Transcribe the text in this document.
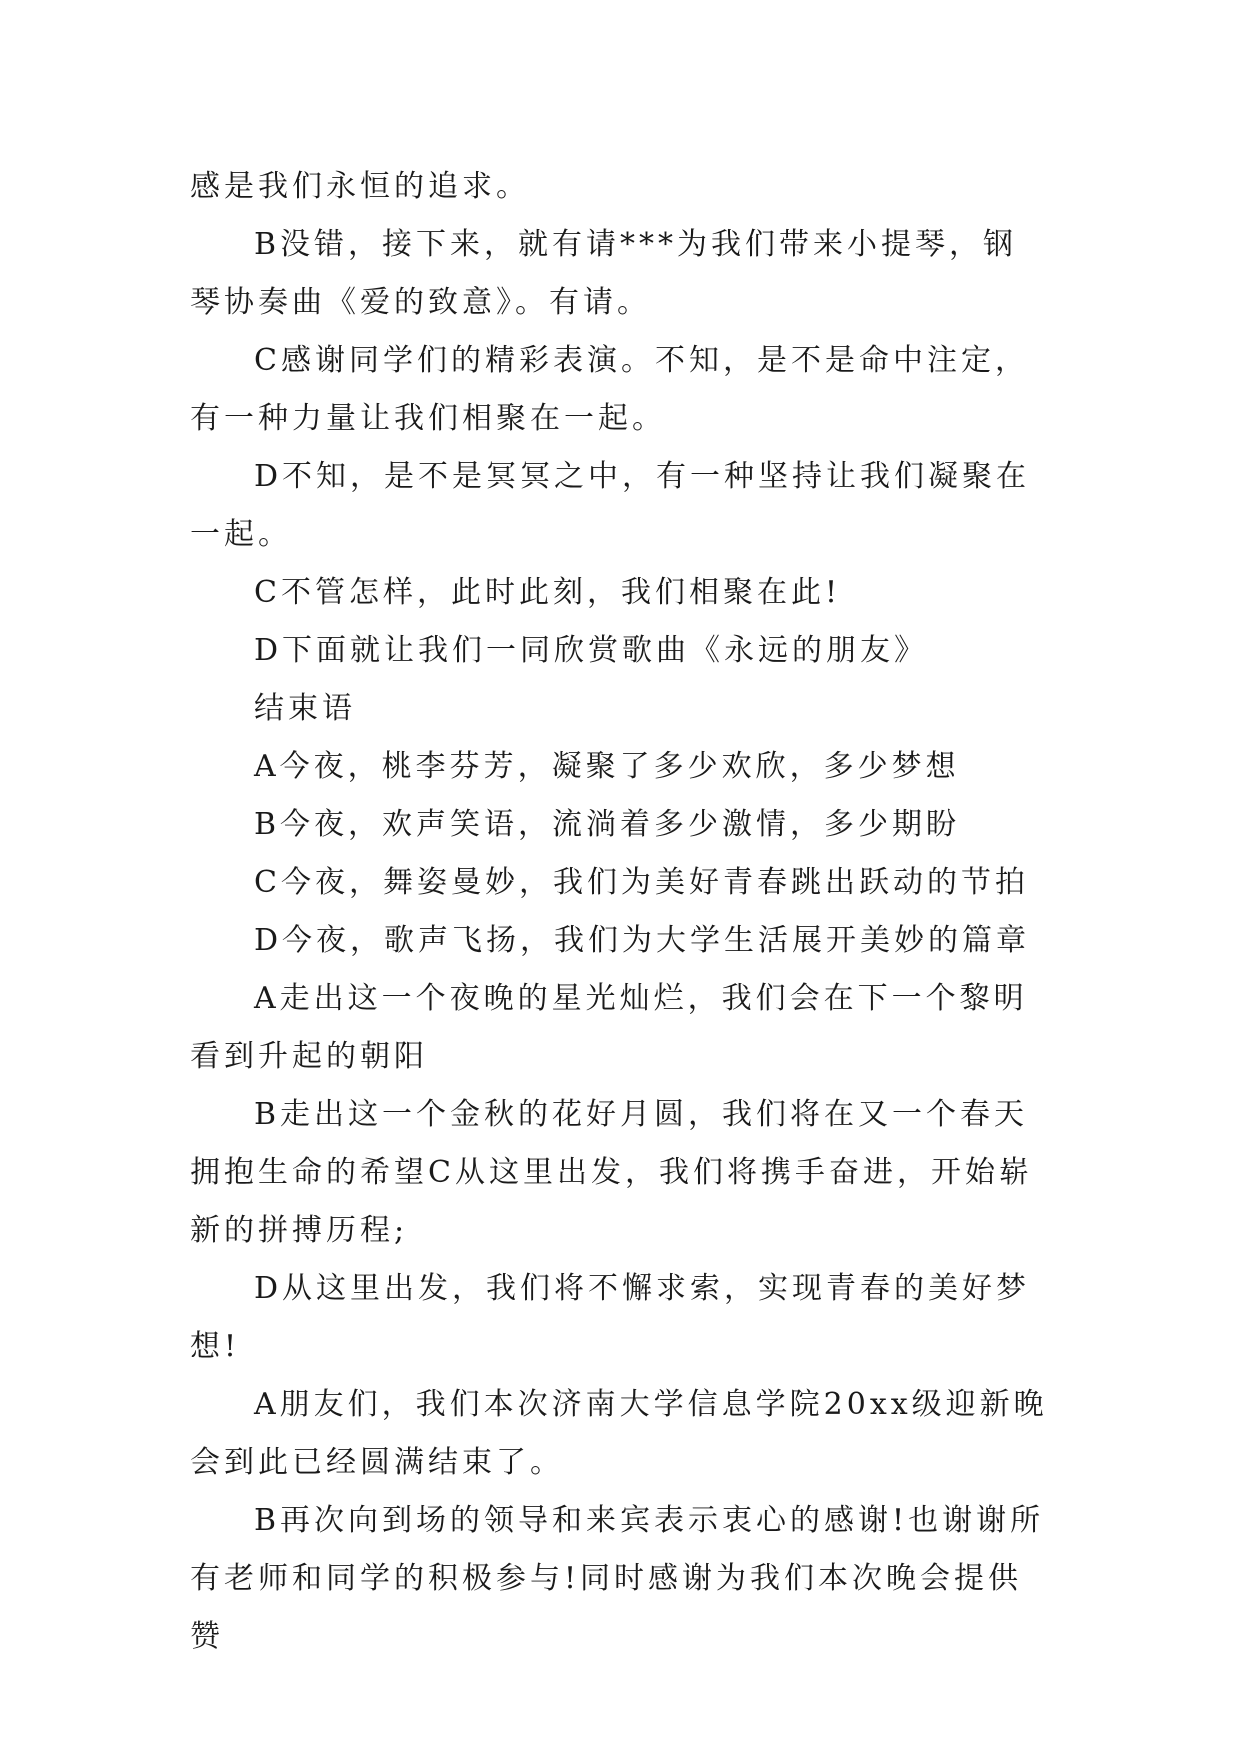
感是我们永恒的追求。

B没错，接下来，就有请***为我们带来小提琴，钢琴协奏曲《爱的致意》。有请。

C感谢同学们的精彩表演。不知，是不是命中注定，有一种力量让我们相聚在一起。

D不知，是不是冥冥之中，有一种坚持让我们凝聚在一起。

C不管怎样，此时此刻，我们相聚在此!

D下面就让我们一同欣赏歌曲《永远的朋友》

结束语

A今夜，桃李芬芳，凝聚了多少欢欣，多少梦想

B今夜，欢声笑语，流淌着多少激情，多少期盼

C今夜，舞姿曼妙，我们为美好青春跳出跃动的节拍

D今夜，歌声飞扬，我们为大学生活展开美妙的篇章

A走出这一个夜晚的星光灿烂，我们会在下一个黎明看到升起的朝阳

B走出这一个金秋的花好月圆，我们将在又一个春天拥抱生命的希望C从这里出发，我们将携手奋进，开始崭新的拼搏历程;

D从这里出发，我们将不懈求索，实现青春的美好梦想!

A朋友们，我们本次济南大学信息学院20xx级迎新晚会到此已经圆满结束了。

B再次向到场的领导和来宾表示衷心的感谢!也谢谢所有老师和同学的积极参与!同时感谢为我们本次晚会提供赞
